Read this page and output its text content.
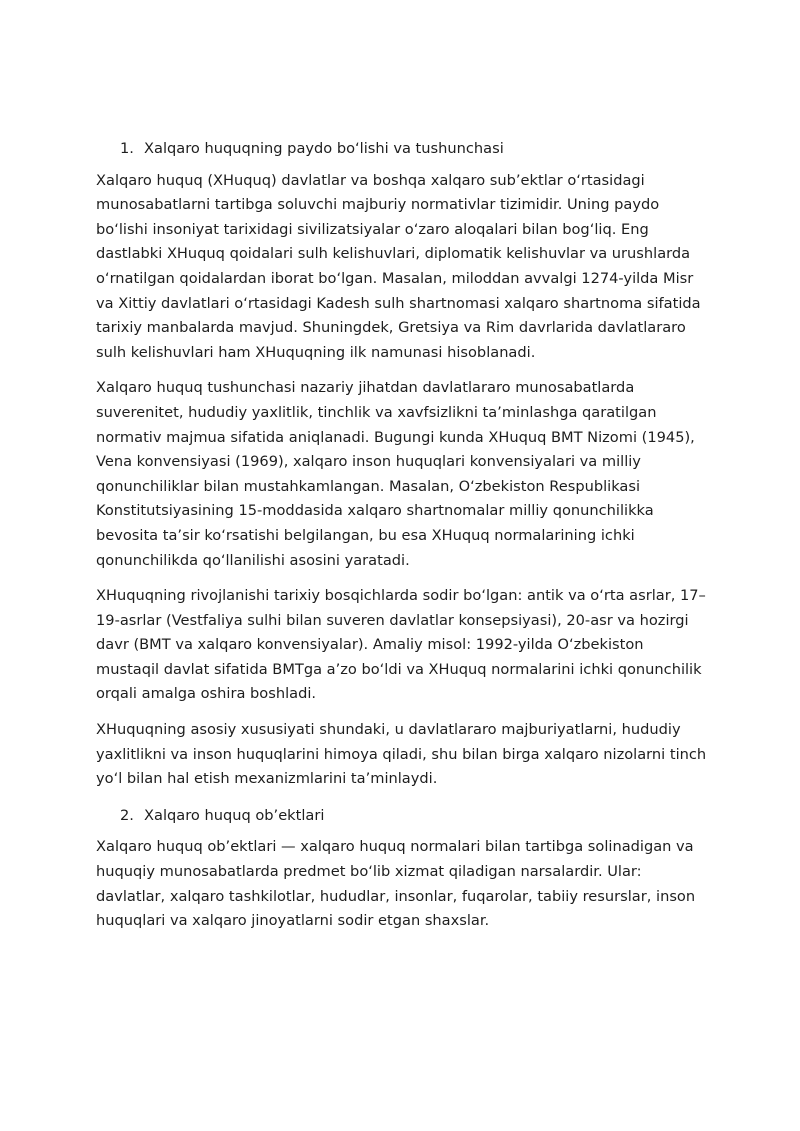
1. Xalqaro huquqning paydo bo‘lishi va tushunchasi

Xalqaro huquq (XHuquq) davlatlar va boshqa xalqaro sub’ektlar o‘rtasidagi munosabatlarni tartibga soluvchi majburiy normativlar tizimidir. Uning paydo bo‘lishi insoniyat tarixidagi sivilizatsiyalar o‘zaro aloqalari bilan bog‘liq. Eng dastlabki XHuquq qoidalari sulh kelishuvlari, diplomatik kelishuvlar va urushlarda o‘rnatilgan qoidalardan iborat bo‘lgan. Masalan, miloddan avvalgi 1274-yilda Misr va Xittiy davlatlari o‘rtasidagi Kadesh sulh shartnomasi xalqaro shartnoma sifatida tarixiy manbalarda mavjud. Shuningdek, Gretsiya va Rim davrlarida davlatlararo sulh kelishuvlari ham XHuquqning ilk namunasi hisoblanadi.

Xalqaro huquq tushunchasi nazariy jihatdan davlatlararo munosabatlarda suverenitet, hududiy yaxlitlik, tinchlik va xavfsizlikni ta’minlashga qaratilgan normativ majmua sifatida aniqlanadi. Bugungi kunda XHuquq BMT Nizomi (1945), Vena konvensiyasi (1969), xalqaro inson huquqlari konvensiyalari va milliy qonunchiliklar bilan mustahkamlangan. Masalan, O‘zbekiston Respublikasi Konstitutsiyasining 15-moddasida xalqaro shartnomalar milliy qonunchilikka bevosita ta’sir ko‘rsatishi belgilangan, bu esa XHuquq normalarining ichki qonunchilikda qo‘llanilishi asosini yaratadi.

XHuquqning rivojlanishi tarixiy bosqichlarda sodir bo‘lgan: antik va o‘rta asrlar, 17–19-asrlar (Vestfaliya sulhi bilan suveren davlatlar konsepsiyasi), 20-asr va hozirgi davr (BMT va xalqaro konvensiyalar). Amaliy misol: 1992-yilda O‘zbekiston mustaqil davlat sifatida BMTga a’zo bo‘ldi va XHuquq normalarini ichki qonunchilik orqali amalga oshira boshladi.

XHuquqning asosiy xususiyati shundaki, u davlatlararo majburiyatlarni, hududiy yaxlitlikni va inson huquqlarini himoya qiladi, shu bilan birga xalqaro nizolarni tinch yo‘l bilan hal etish mexanizmlarini ta’minlaydi.

2. Xalqaro huquq ob’ektlari

Xalqaro huquq ob’ektlari — xalqaro huquq normalari bilan tartibga solinadigan va huquqiy munosabatlarda predmet bo‘lib xizmat qiladigan narsalardir. Ular: davlatlar, xalqaro tashkilotlar, hududlar, insonlar, fuqarolar, tabiiy resurslar, inson huquqlari va xalqaro jinoyatlarni sodir etgan shaxslar.
